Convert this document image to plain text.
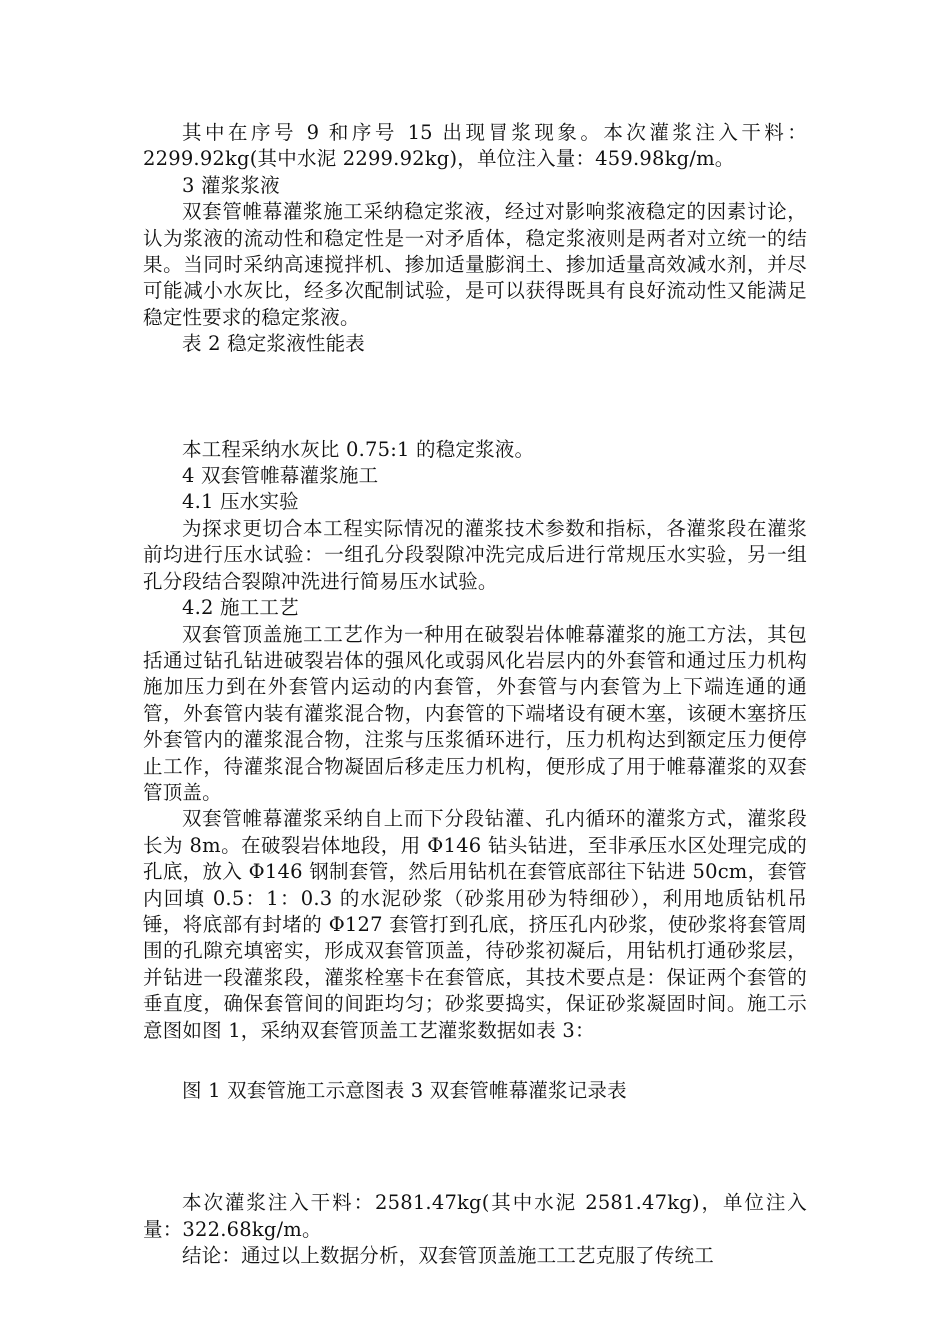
其中在序号 9 和序号 15 出现冒浆现象。本次灌浆注入干料：2299.92kg(其中水泥 2299.92kg)，单位注入量：459.98kg/m。

3 灌浆浆液

双套管帷幕灌浆施工采纳稳定浆液，经过对影响浆液稳定的因素讨论，认为浆液的流动性和稳定性是一对矛盾体，稳定浆液则是两者对立统一的结果。当同时采纳高速搅拌机、掺加适量膨润土、掺加适量高效减水剂，并尽可能减小水灰比，经多次配制试验，是可以获得既具有良好流动性又能满足稳定性要求的稳定浆液。

表 2 稳定浆液性能表

本工程采纳水灰比 0.75:1 的稳定浆液。

4 双套管帷幕灌浆施工

4.1 压水实验

为探求更切合本工程实际情况的灌浆技术参数和指标，各灌浆段在灌浆前均进行压水试验：一组孔分段裂隙冲洗完成后进行常规压水实验，另一组孔分段结合裂隙冲洗进行简易压水试验。

4.2 施工工艺

双套管顶盖施工工艺作为一种用在破裂岩体帷幕灌浆的施工方法，其包括通过钻孔钻进破裂岩体的强风化或弱风化岩层内的外套管和通过压力机构施加压力到在外套管内运动的内套管，外套管与内套管为上下端连通的通管，外套管内装有灌浆混合物，内套管的下端堵设有硬木塞，该硬木塞挤压外套管内的灌浆混合物，注浆与压浆循环进行，压力机构达到额定压力便停止工作，待灌浆混合物凝固后移走压力机构，便形成了用于帷幕灌浆的双套管顶盖。

双套管帷幕灌浆采纳自上而下分段钻灌、孔内循环的灌浆方式，灌浆段长为 8m。在破裂岩体地段，用 Φ146 钻头钻进，至非承压水区处理完成的孔底，放入 Φ146 钢制套管，然后用钻机在套管底部往下钻进 50cm，套管内回填 0.5：1：0.3 的水泥砂浆（砂浆用砂为特细砂），利用地质钻机吊锤，将底部有封堵的 Φ127 套管打到孔底，挤压孔内砂浆，使砂浆将套管周围的孔隙充填密实，形成双套管顶盖，待砂浆初凝后，用钻机打通砂浆层，并钻进一段灌浆段，灌浆栓塞卡在套管底，其技术要点是：保证两个套管的垂直度，确保套管间的间距均匀；砂浆要捣实，保证砂浆凝固时间。施工示意图如图 1，采纳双套管顶盖工艺灌浆数据如表 3：

图 1 双套管施工示意图表 3 双套管帷幕灌浆记录表

本次灌浆注入干料：2581.47kg(其中水泥 2581.47kg)，单位注入量：322.68kg/m。

结论：通过以上数据分析，双套管顶盖施工工艺克服了传统工
